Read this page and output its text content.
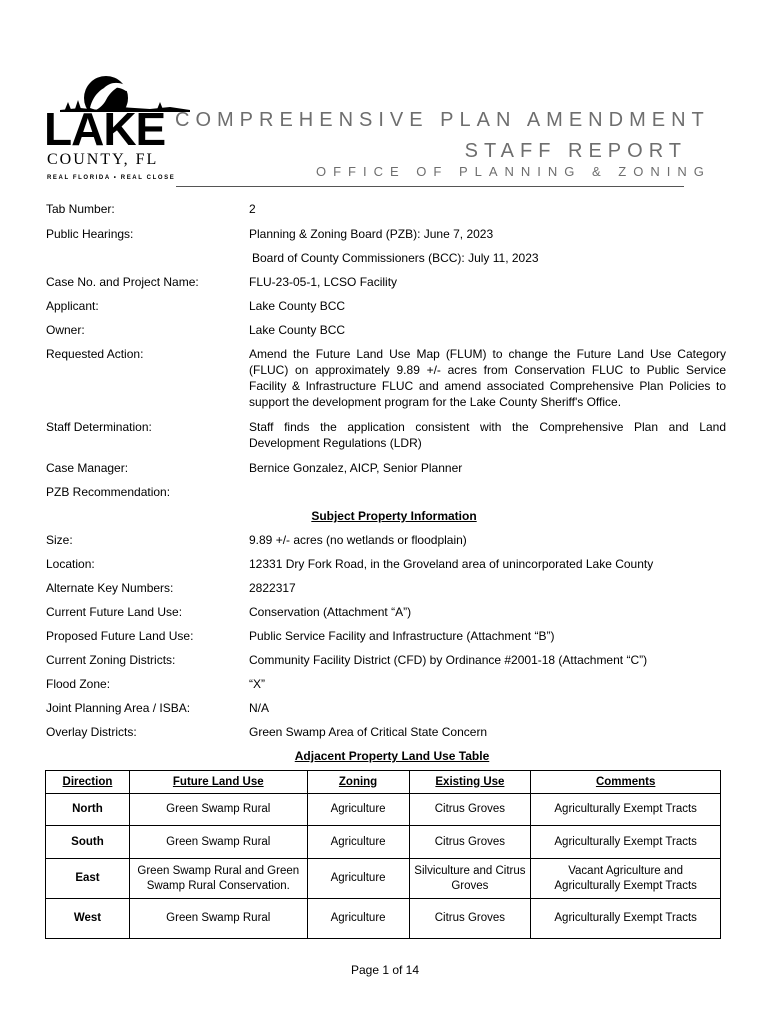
LAKE
COUNTY, FL
REAL FLORIDA • REAL CLOSE
COMPREHENSIVE PLAN AMENDMENT
STAFF REPORT
OFFICE OF PLANNING & ZONING
Tab Number:	2
Public Hearings:	Planning & Zoning Board (PZB): June 7, 2023
Board of County Commissioners (BCC): July 11, 2023
Case No. and Project Name:	FLU-23-05-1, LCSO Facility
Applicant:	Lake County BCC
Owner:	Lake County BCC
Requested Action:	Amend the Future Land Use Map (FLUM) to change the Future Land Use Category (FLUC) on approximately 9.89 +/- acres from Conservation FLUC to Public Service Facility & Infrastructure FLUC and amend associated Comprehensive Plan Policies to support the development program for the Lake County Sheriff's Office.
Staff Determination:	Staff finds the application consistent with the Comprehensive Plan and Land Development Regulations (LDR)
Case Manager:	Bernice Gonzalez, AICP, Senior Planner
PZB Recommendation:
Subject Property Information
Size:	9.89 +/- acres (no wetlands or floodplain)
Location:	12331 Dry Fork Road, in the Groveland area of unincorporated Lake County
Alternate Key Numbers:	2822317
Current Future Land Use:	Conservation (Attachment “A”)
Proposed Future Land Use:	Public Service Facility and Infrastructure (Attachment “B”)
Current Zoning Districts:	Community Facility District (CFD) by Ordinance #2001-18 (Attachment “C”)
Flood Zone:	“X”
Joint Planning Area / ISBA:	N/A
Overlay Districts:	Green Swamp Area of Critical State Concern
Adjacent Property Land Use Table
Direction	Future Land Use	Zoning	Existing Use	Comments
North	Green Swamp Rural	Agriculture	Citrus Groves	Agriculturally Exempt Tracts
South	Green Swamp Rural	Agriculture	Citrus Groves	Agriculturally Exempt Tracts
East	Green Swamp Rural and Green Swamp Rural Conservation.	Agriculture	Silviculture and Citrus Groves	Vacant Agriculture and Agriculturally Exempt Tracts
West	Green Swamp Rural	Agriculture	Citrus Groves	Agriculturally Exempt Tracts
Page 1 of 14
